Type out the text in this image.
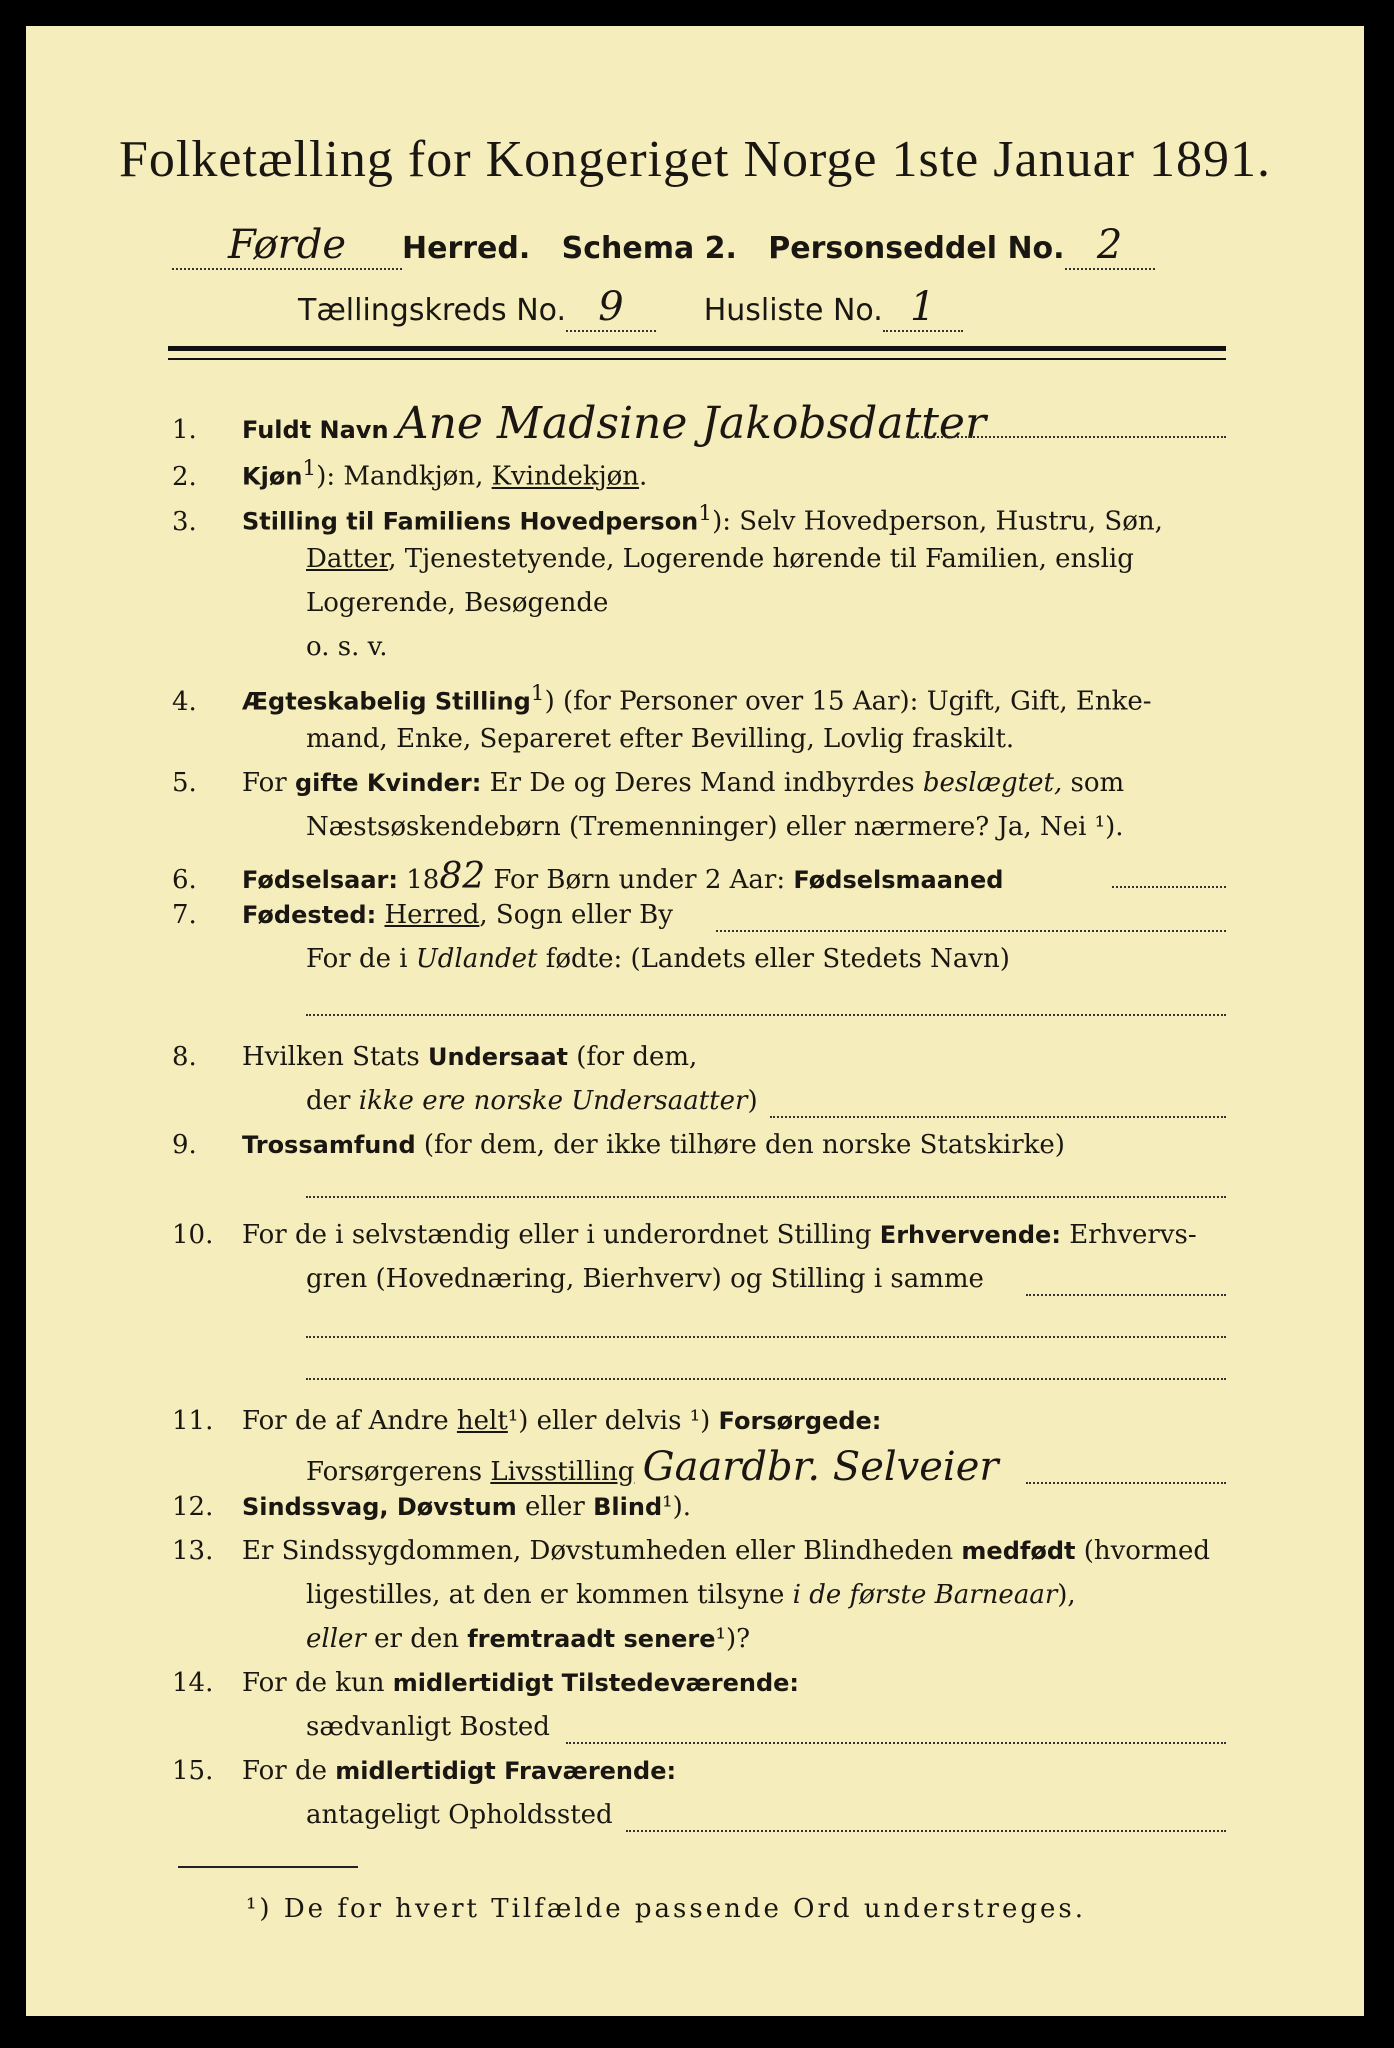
Folketælling for Kongeriget Norge 1ste Januar 1891.
Førde Herred. Schema 2. Personseddel No. 2
Tællingskreds No. 9	Husliste No. 1
1. Fuldt Navn Ane Madsine Jakobsdatter
2. Kjøn$^1$): Mandkjøn, Kvindekjøn.
3. Stilling til Familiens Hovedperson$^1$): Selv Hovedperson, Hustru, Søn,
Datter, Tjenestetyende, Logerende hørende til Familien, enslig
Logerende, Besøgende
o. s. v.
4. Ægteskabelig Stilling$^1$) (for Personer over 15 Aar): Ugift, Gift, Enke-
mand, Enke, Separeret efter Bevilling, Lovlig fraskilt.
5. For gifte Kvinder: Er De og Deres Mand indbyrdes beslægtet, som
Næstsøskendebørn (Tremenninger) eller nærmere? Ja, Nei ¹).
6. Fødselsaar: 1882 For Børn under 2 Aar: Fødselsmaaned
7. Fødested: Herred, Sogn eller By
For de i Udlandet fødte: (Landets eller Stedets Navn)
8. Hvilken Stats Undersaat (for dem,
der ikke ere norske Undersaatter)
9. Trossamfund (for dem, der ikke tilhøre den norske Statskirke)
10. For de i selvstændig eller i underordnet Stilling Erhvervende: Erhvervs-
gren (Hovednæring, Bierhverv) og Stilling i samme
11. For de af Andre helt¹) eller delvis ¹) Forsørgede:
Forsørgerens Livsstilling Gaardbr. Selveier
12. Sindssvag, Døvstum eller Blind¹).
13. Er Sindssygdommen, Døvstumheden eller Blindheden medfødt (hvormed
ligestilles, at den er kommen tilsyne i de første Barneaar),
eller er den fremtraadt senere¹)?
14. For de kun midlertidigt Tilstedeværende:
sædvanligt Bosted
15. For de midlertidigt Fraværende:
antageligt Opholdssted
¹) De for hvert Tilfælde passende Ord understreges.
